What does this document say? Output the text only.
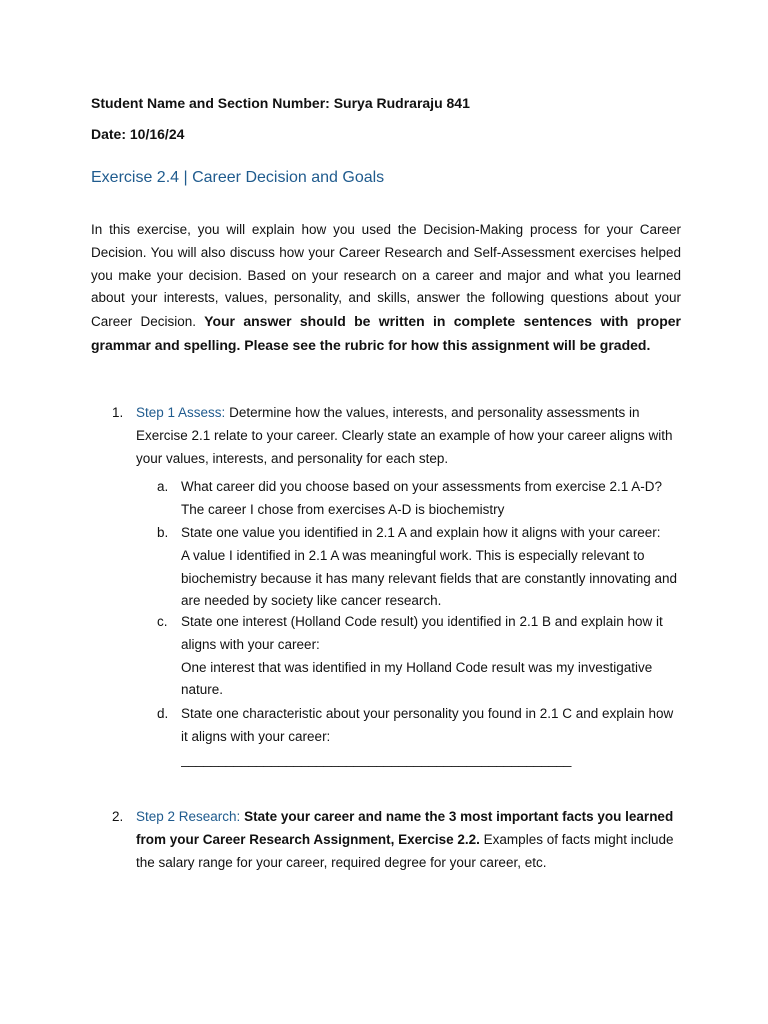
Student Name and Section Number: Surya Rudraraju 841
Date: 10/16/24
Exercise 2.4 | Career Decision and Goals
In this exercise, you will explain how you used the Decision-Making process for your Career Decision. You will also discuss how your Career Research and Self-Assessment exercises helped you make your decision. Based on your research on a career and major and what you learned about your interests, values, personality, and skills, answer the following questions about your Career Decision. Your answer should be written in complete sentences with proper grammar and spelling. Please see the rubric for how this assignment will be graded.
1. Step 1 Assess: Determine how the values, interests, and personality assessments in Exercise 2.1 relate to your career. Clearly state an example of how your career aligns with your values, interests, and personality for each step.
a. What career did you choose based on your assessments from exercise 2.1 A-D?
The career I chose from exercises A-D is biochemistry
b. State one value you identified in 2.1 A and explain how it aligns with your career:
A value I identified in 2.1 A was meaningful work. This is especially relevant to biochemistry because it has many relevant fields that are constantly innovating and are needed by society like cancer research.
c. State one interest (Holland Code result) you identified in 2.1 B and explain how it aligns with your career:
One interest that was identified in my Holland Code result was my investigative nature.
d. State one characteristic about your personality you found in 2.1 C and explain how it aligns with your career:
____________________________________________________
2. Step 2 Research: State your career and name the 3 most important facts you learned from your Career Research Assignment, Exercise 2.2. Examples of facts might include the salary range for your career, required degree for your career, etc.
